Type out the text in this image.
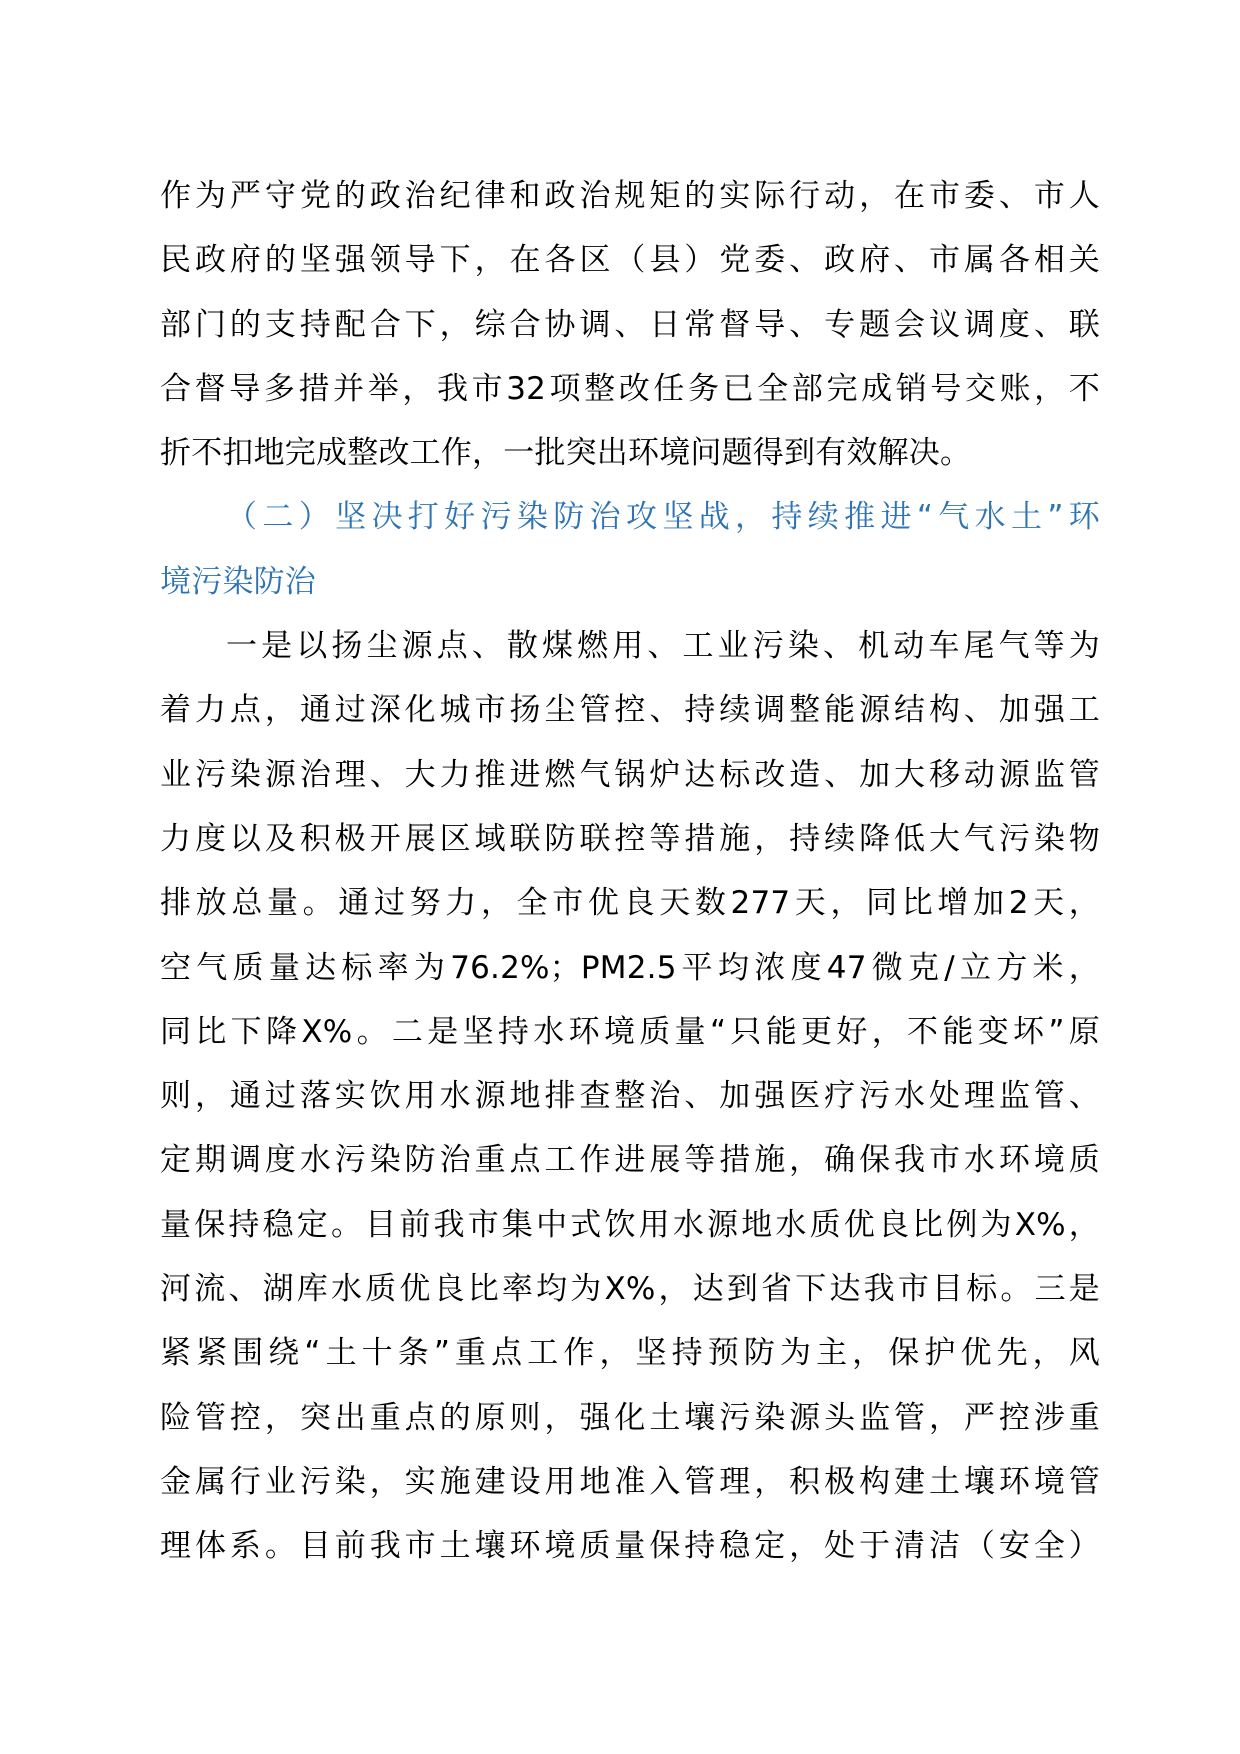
作为严守党的政治纪律和政治规矩的实际行动，在市委、市人
民政府的坚强领导下，在各区（县）党委、政府、市属各相关
部门的支持配合下，综合协调、日常督导、专题会议调度、联
合督导多措并举，我市32项整改任务已全部完成销号交账，不
折不扣地完成整改工作，一批突出环境问题得到有效解决。
（二）坚决打好污染防治攻坚战，持续推进“气水土”环
境污染防治
一是以扬尘源点、散煤燃用、工业污染、机动车尾气等为
着力点，通过深化城市扬尘管控、持续调整能源结构、加强工
业污染源治理、大力推进燃气锅炉达标改造、加大移动源监管
力度以及积极开展区域联防联控等措施，持续降低大气污染物
排放总量。通过努力，全市优良天数277天，同比增加2天，
空气质量达标率为76.2%；PM2.5平均浓度47微克/立方米，
同比下降X%。二是坚持水环境质量“只能更好，不能变坏”原
则，通过落实饮用水源地排查整治、加强医疗污水处理监管、
定期调度水污染防治重点工作进展等措施，确保我市水环境质
量保持稳定。目前我市集中式饮用水源地水质优良比例为X%，
河流、湖库水质优良比率均为X%，达到省下达我市目标。三是
紧紧围绕“土十条”重点工作，坚持预防为主，保护优先，风
险管控，突出重点的原则，强化土壤污染源头监管，严控涉重
金属行业污染，实施建设用地准入管理，积极构建土壤环境管
理体系。目前我市土壤环境质量保持稳定，处于清洁（安全）
